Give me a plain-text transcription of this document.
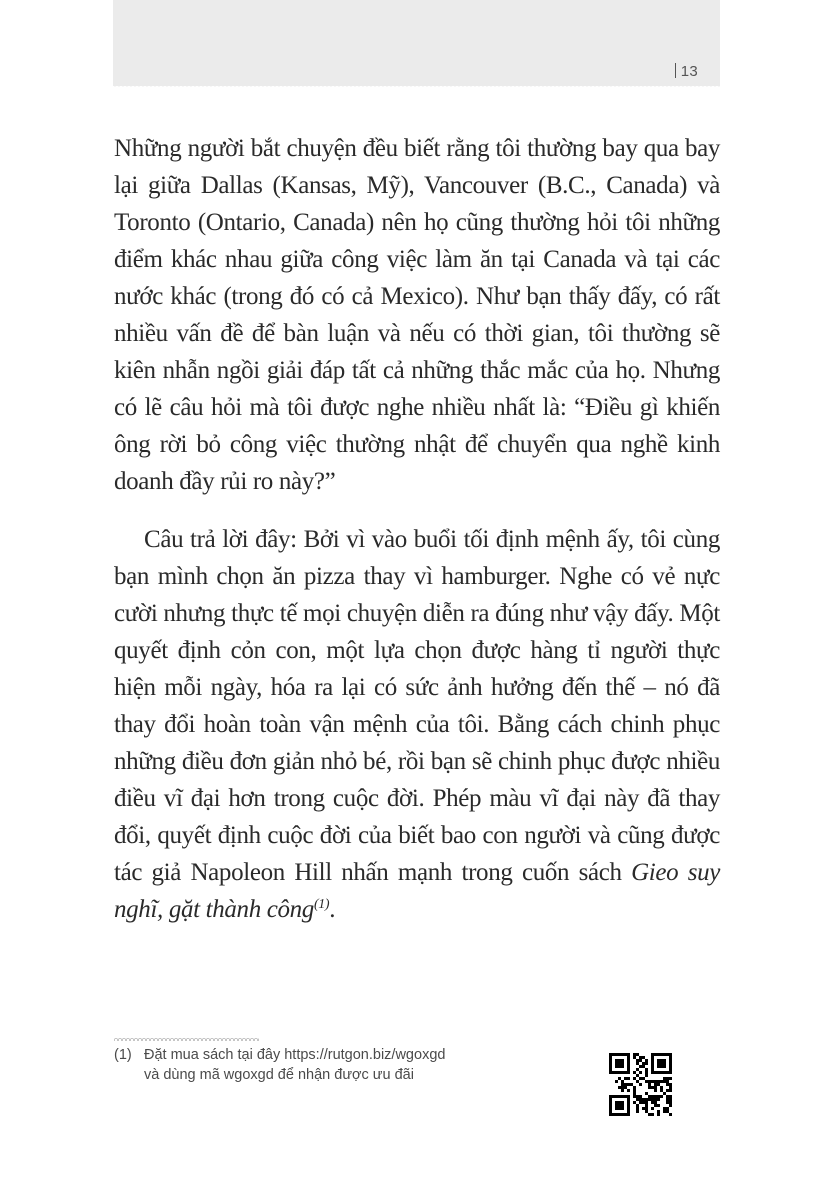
13

Những người bắt chuyện đều biết rằng tôi thường bay qua bay lại giữa Dallas (Kansas, Mỹ), Vancouver (B.C., Canada) và Toronto (Ontario, Canada) nên họ cũng thường hỏi tôi những điểm khác nhau giữa công việc làm ăn tại Canada và tại các nước khác (trong đó có cả Mexico). Như bạn thấy đấy, có rất nhiều vấn đề để bàn luận và nếu có thời gian, tôi thường sẽ kiên nhẫn ngồi giải đáp tất cả những thắc mắc của họ. Nhưng có lẽ câu hỏi mà tôi được nghe nhiều nhất là: “Điều gì khiến ông rời bỏ công việc thường nhật để chuyển qua nghề kinh doanh đầy rủi ro này?”

Câu trả lời đây: Bởi vì vào buổi tối định mệnh ấy, tôi cùng bạn mình chọn ăn pizza thay vì hamburger. Nghe có vẻ nực cười nhưng thực tế mọi chuyện diễn ra đúng như vậy đấy. Một quyết định cỏn con, một lựa chọn được hàng tỉ người thực hiện mỗi ngày, hóa ra lại có sức ảnh hưởng đến thế – nó đã thay đổi hoàn toàn vận mệnh của tôi. Bằng cách chinh phục những điều đơn giản nhỏ bé, rồi bạn sẽ chinh phục được nhiều điều vĩ đại hơn trong cuộc đời. Phép màu vĩ đại này đã thay đổi, quyết định cuộc đời của biết bao con người và cũng được tác giả Napoleon Hill nhấn mạnh trong cuốn sách Gieo suy nghĩ, gặt thành công$^{(1)}$.

(1) Đặt mua sách tại đây https://rutgon.biz/wgoxgd
và dùng mã wgoxgd để nhận được ưu đãi
